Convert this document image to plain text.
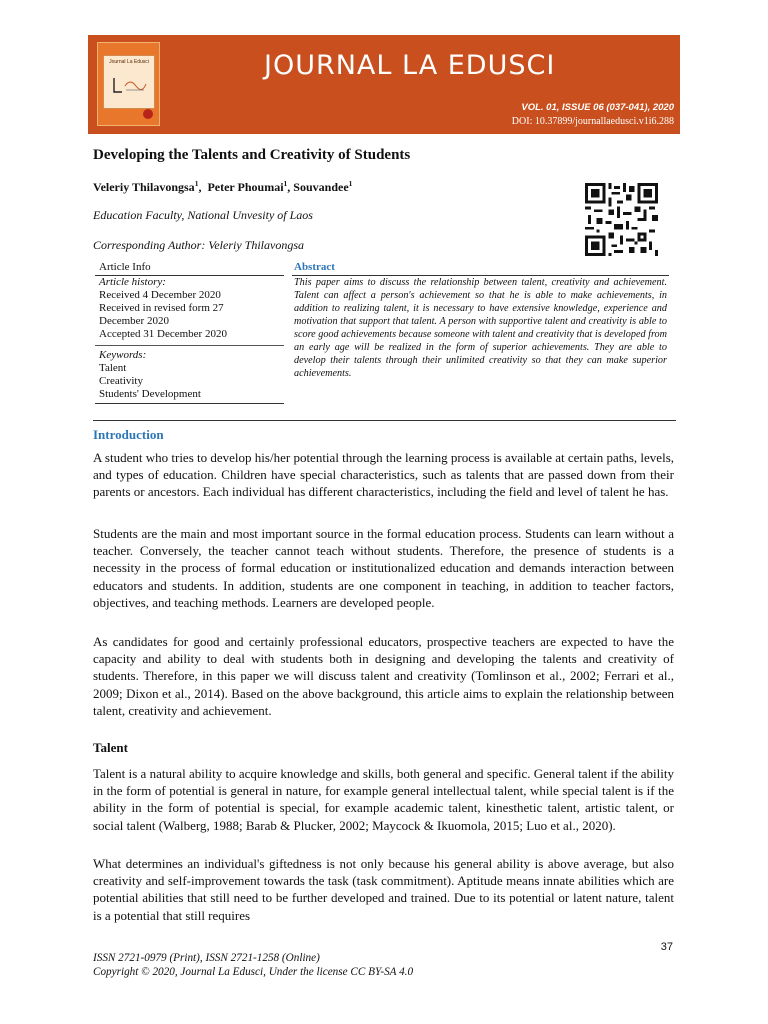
Journal La Edusci	JOURNAL LA EDUSCI
VOL. 01, ISSUE 06 (037-041), 2020
DOI: 10.37899/journallaedusci.v1i6.288
Developing the Talents and Creativity of Students
Veleriy Thilavongsa$^1$,  Peter Phoumai$^1$, Souvandee$^1$
Education Faculty, National Unvesity of Laos
Corresponding Author: Veleriy Thilavongsa
Article Info
Article history:
Received 4 December 2020
Received in revised form 27
December 2020
Accepted 31 December 2020
Keywords:
Talent
Creativity
Students' Development
Abstract
This paper aims to discuss the relationship between talent, creativity and achievement. Talent can affect a person's achievement so that he is able to make achievements, in addition to realizing talent, it is necessary to have extensive knowledge, experience and motivation that support that talent. A person with supportive talent and creativity is able to score good achievements because someone with talent and creativity that is developed from an early age will be realized in the form of superior achievements. They are able to develop their talents through their unlimited creativity so that they can make superior achievements.
Introduction
A student who tries to develop his/her potential through the learning process is available at certain paths, levels, and types of education. Children have special characteristics, such as talents that are passed down from their parents or ancestors. Each individual has different characteristics, including the field and level of talent he has.
Students are the main and most important source in the formal education process. Students can learn without a teacher. Conversely, the teacher cannot teach without students. Therefore, the presence of students is a necessity in the process of formal education or institutionalized education and demands interaction between educators and students. In addition, students are one component in teaching, in addition to teacher factors, objectives, and teaching methods. Learners are developed people.
As candidates for good and certainly professional educators, prospective teachers are expected to have the capacity and ability to deal with students both in designing and developing the talents and creativity of students. Therefore, in this paper we will discuss talent and creativity (Tomlinson et al., 2002; Ferrari et al., 2009; Dixon et al., 2014). Based on the above background, this article aims to explain the relationship between talent, creativity and achievement.
Talent
Talent is a natural ability to acquire knowledge and skills, both general and specific. General talent if the ability in the form of potential is general in nature, for example general intellectual talent, while special talent is if the ability in the form of potential is special, for example academic talent, kinesthetic talent, artistic talent, or social talent (Walberg, 1988; Barab & Plucker, 2002; Maycock & Ikuomola, 2015; Luo et al., 2020).
What determines an individual's giftedness is not only because his general ability is above average, but also creativity and self-improvement towards the task (task commitment). Aptitude means innate abilities which are potential abilities that still need to be further developed and trained. Due to its potential or latent nature, talent is a potential that still requires
37
ISSN 2721-0979 (Print), ISSN 2721-1258 (Online)
Copyright © 2020, Journal La Edusci, Under the license CC BY-SA 4.0
